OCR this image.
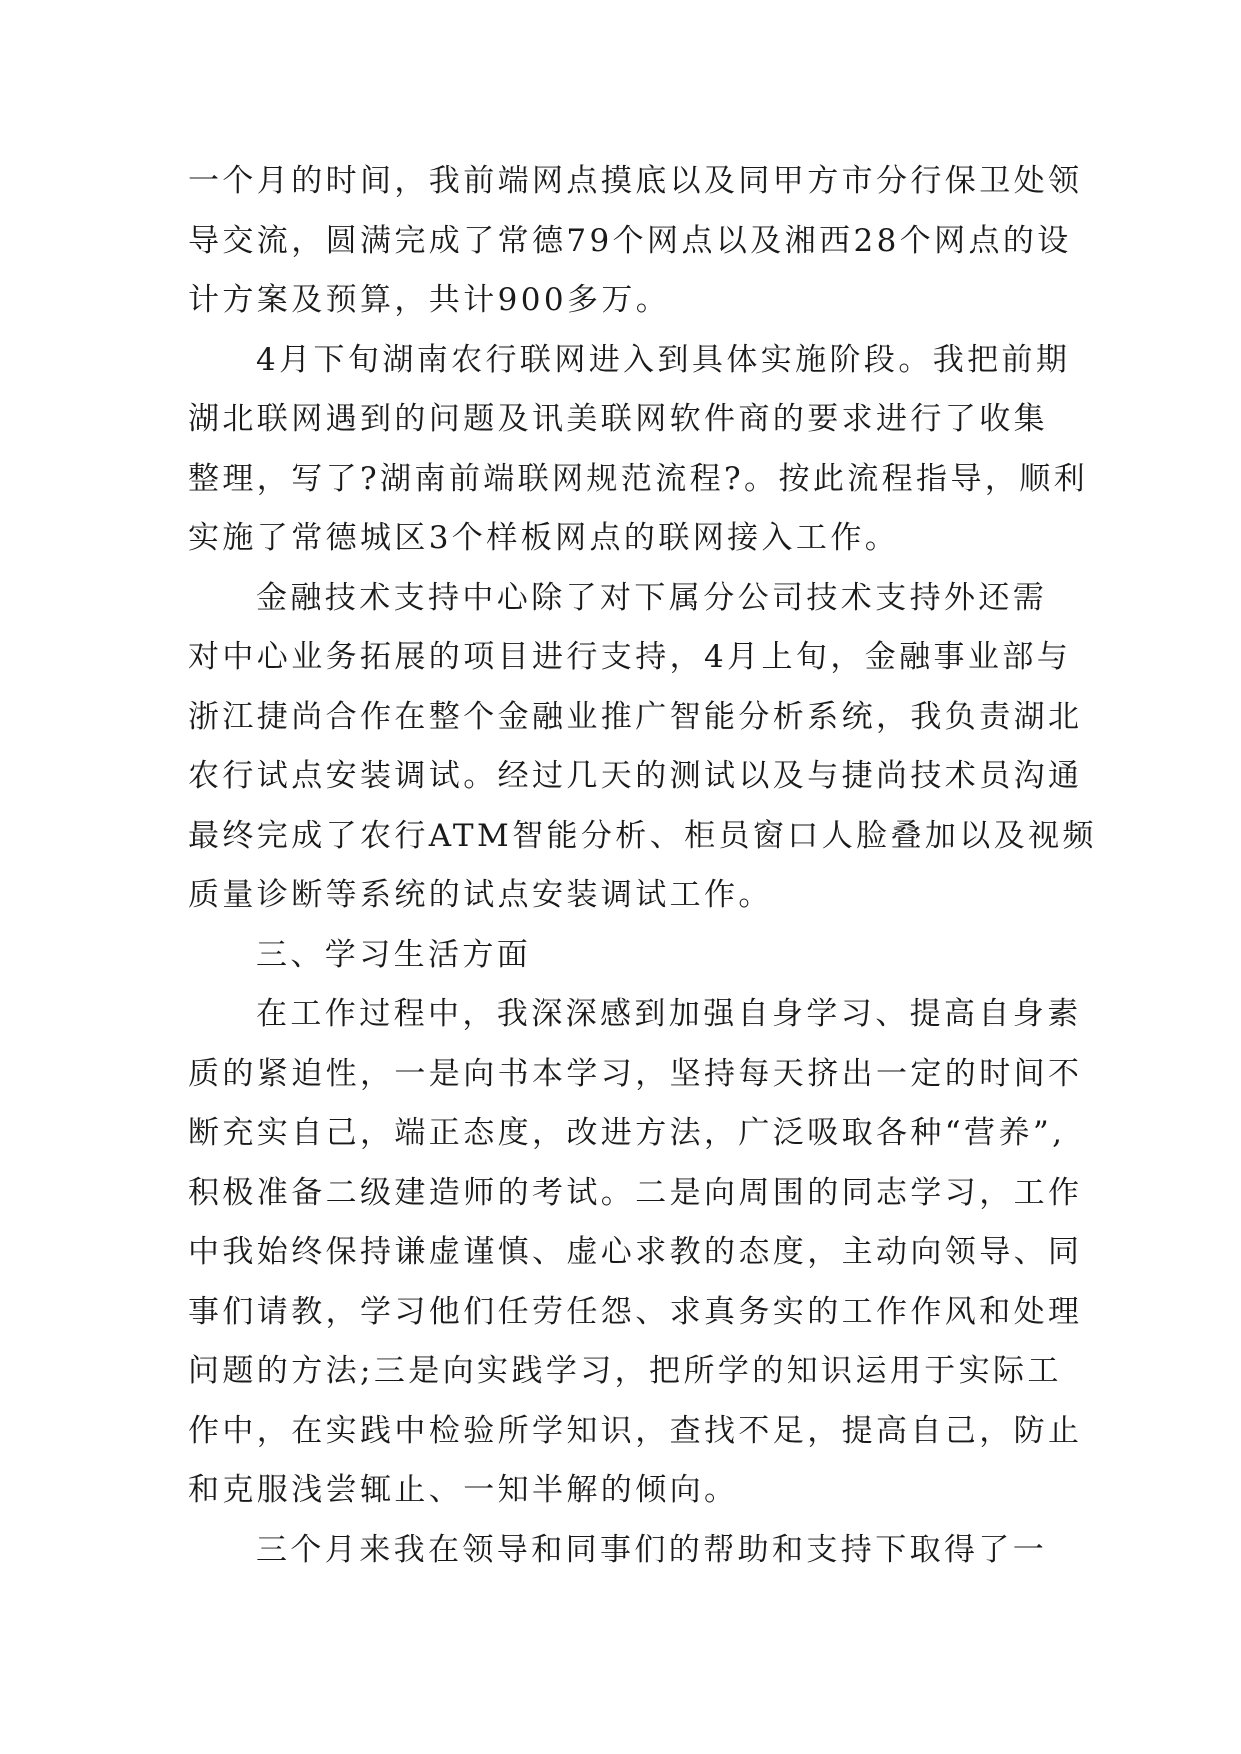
一个月的时间，我前端网点摸底以及同甲方市分行保卫处领
导交流，圆满完成了常德79个网点以及湘西28个网点的设
计方案及预算，共计900多万。
4月下旬湖南农行联网进入到具体实施阶段。我把前期
湖北联网遇到的问题及讯美联网软件商的要求进行了收集
整理，写了?湖南前端联网规范流程?。按此流程指导，顺利
实施了常德城区3个样板网点的联网接入工作。
金融技术支持中心除了对下属分公司技术支持外还需
对中心业务拓展的项目进行支持，4月上旬，金融事业部与
浙江捷尚合作在整个金融业推广智能分析系统，我负责湖北
农行试点安装调试。经过几天的测试以及与捷尚技术员沟通
最终完成了农行ATM智能分析、柜员窗口人脸叠加以及视频
质量诊断等系统的试点安装调试工作。
三、学习生活方面
在工作过程中，我深深感到加强自身学习、提高自身素
质的紧迫性，一是向书本学习，坚持每天挤出一定的时间不
断充实自己，端正态度，改进方法，广泛吸取各种“营养”,
积极准备二级建造师的考试。二是向周围的同志学习，工作
中我始终保持谦虚谨慎、虚心求教的态度，主动向领导、同
事们请教，学习他们任劳任怨、求真务实的工作作风和处理
问题的方法;三是向实践学习，把所学的知识运用于实际工
作中，在实践中检验所学知识，查找不足，提高自己，防止
和克服浅尝辄止、一知半解的倾向。
三个月来我在领导和同事们的帮助和支持下取得了一
